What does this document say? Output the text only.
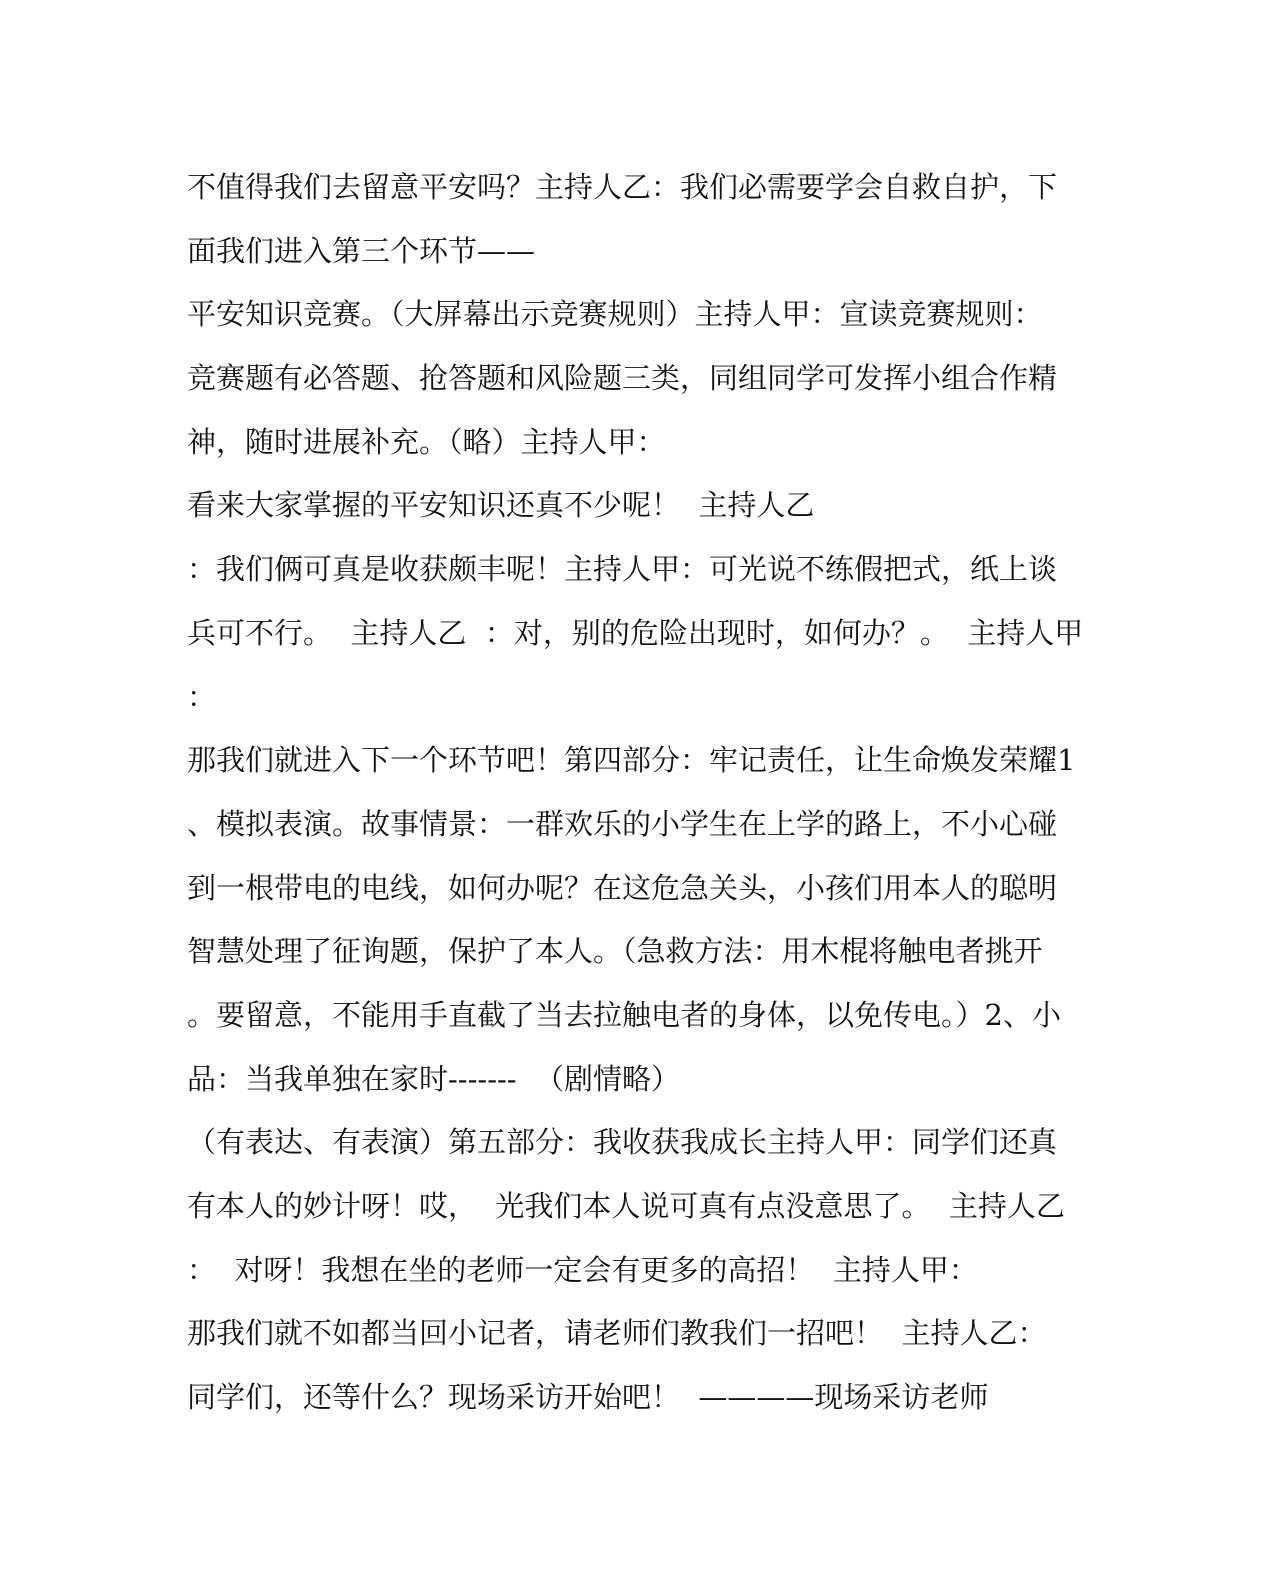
不值得我们去留意平安吗？主持人乙：我们必需要学会自救自护，下
面我们进入第三个环节——
平安知识竞赛。（大屏幕出示竞赛规则）主持人甲：宣读竞赛规则：
竞赛题有必答题、抢答题和风险题三类，同组同学可发挥小组合作精
神，随时进展补充。（略）主持人甲：
看来大家掌握的平安知识还真不少呢！  主持人乙
：我们俩可真是收获颇丰呢！主持人甲：可光说不练假把式，纸上谈
兵可不行。  主持人乙  ：对，别的危险出现时，如何办？。  主持人甲
：
那我们就进入下一个环节吧！第四部分：牢记责任，让生命焕发荣耀1
、模拟表演。故事情景：一群欢乐的小学生在上学的路上，不小心碰
到一根带电的电线，如何办呢？在这危急关头，小孩们用本人的聪明
智慧处理了征询题，保护了本人。（急救方法：用木棍将触电者挑开
。要留意，不能用手直截了当去拉触电者的身体，以免传电。）2、小
品：当我单独在家时-------  （剧情略）
（有表达、有表演）第五部分：我收获我成长主持人甲：同学们还真
有本人的妙计呀！哎，  光我们本人说可真有点没意思了。  主持人乙
：  对呀！我想在坐的老师一定会有更多的高招！  主持人甲：
那我们就不如都当回小记者，请老师们教我们一招吧！  主持人乙：
同学们，还等什么？现场采访开始吧！  ————现场采访老师
